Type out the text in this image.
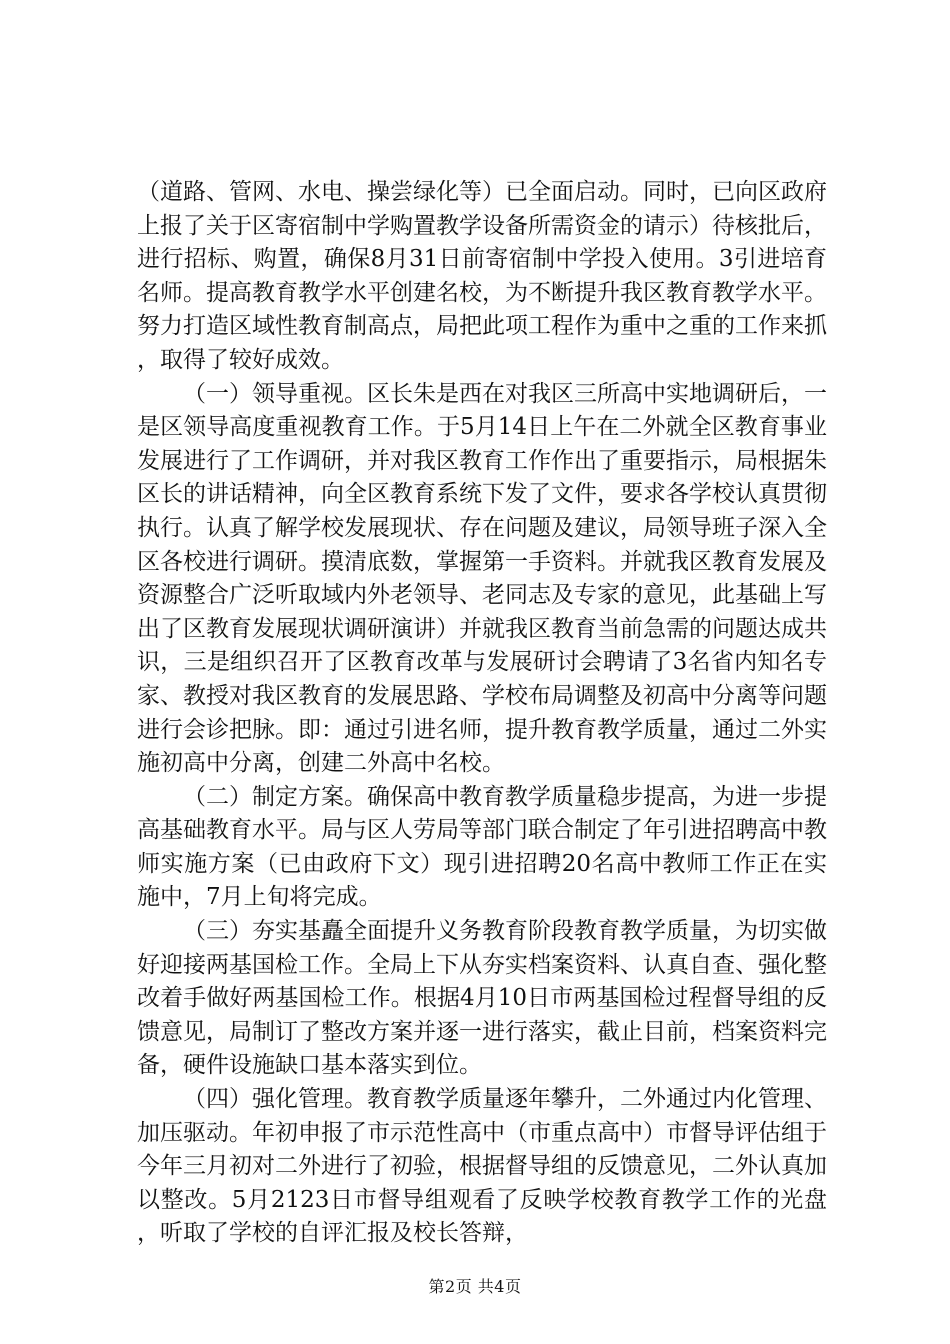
（道路、管网、水电、操尝绿化等）已全面启动。同时，已向区政府上报了关于区寄宿制中学购置教学设备所需资金的请示）待核批后，进行招标、购置，确保8月31日前寄宿制中学投入使用。3引进培育名师。提高教育教学水平创建名校，为不断提升我区教育教学水平。努力打造区域性教育制高点，局把此项工程作为重中之重的工作来抓，取得了较好成效。

（一）领导重视。区长朱是西在对我区三所高中实地调研后，一是区领导高度重视教育工作。于5月14日上午在二外就全区教育事业发展进行了工作调研，并对我区教育工作作出了重要指示，局根据朱区长的讲话精神，向全区教育系统下发了文件，要求各学校认真贯彻执行。认真了解学校发展现状、存在问题及建议，局领导班子深入全区各校进行调研。摸清底数，掌握第一手资料。并就我区教育发展及资源整合广泛听取域内外老领导、老同志及专家的意见，此基础上写出了区教育发展现状调研演讲）并就我区教育当前急需的问题达成共识，三是组织召开了区教育改革与发展研讨会聘请了3名省内知名专家、教授对我区教育的发展思路、学校布局调整及初高中分离等问题进行会诊把脉。即：通过引进名师，提升教育教学质量，通过二外实施初高中分离，创建二外高中名校。

（二）制定方案。确保高中教育教学质量稳步提高，为进一步提高基础教育水平。局与区人劳局等部门联合制定了年引进招聘高中教师实施方案（已由政府下文）现引进招聘20名高中教师工作正在实施中，7月上旬将完成。

（三）夯实基矗全面提升义务教育阶段教育教学质量，为切实做好迎接两基国检工作。全局上下从夯实档案资料、认真自查、强化整改着手做好两基国检工作。根据4月10日市两基国检过程督导组的反馈意见，局制订了整改方案并逐一进行落实，截止目前，档案资料完备，硬件设施缺口基本落实到位。

（四）强化管理。教育教学质量逐年攀升，二外通过内化管理、加压驱动。年初申报了市示范性高中（市重点高中）市督导评估组于今年三月初对二外进行了初验，根据督导组的反馈意见，二外认真加以整改。5月2123日市督导组观看了反映学校教育教学工作的光盘，听取了学校的自评汇报及校长答辩，

第2页 共4页
